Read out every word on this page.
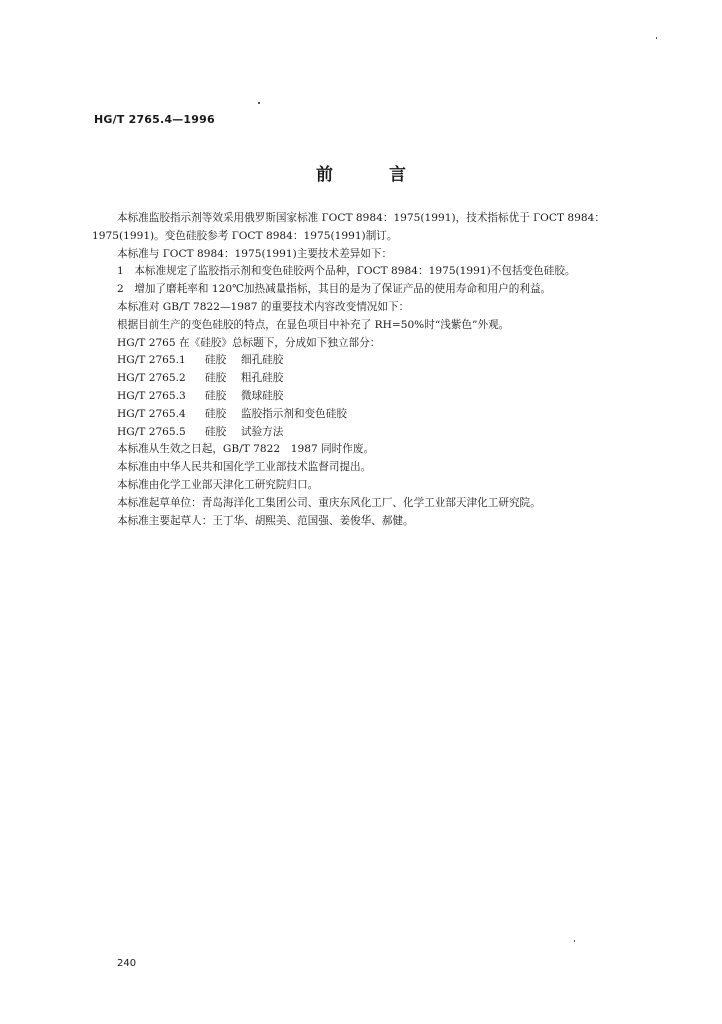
HG/T 2765.4—1996
前	言
本标准监胶指示剂等效采用俄罗斯国家标准 ГОСТ 8984：1975(1991)，技术指标优于 ГОСТ 8984：
1975(1991)。变色硅胶参考 ГОСТ 8984：1975(1991)制订。
本标准与 ГОСТ 8984：1975(1991)主要技术差异如下：
1　本标准规定了监胶指示剂和变色硅胶两个品种，ГОСТ 8984：1975(1991)不包括变色硅胶。
2　增加了磨耗率和 120℃加热减量指标，其目的是为了保证产品的使用寿命和用户的利益。
本标准对 GB/T 7822—1987 的重要技术内容改变情况如下：
根据目前生产的变色硅胶的特点，在显色项目中补充了 RH=50%时“浅紫色”外观。
HG/T 2765 在《硅胶》总标题下，分成如下独立部分：
HG/T 2765.1 硅胶 细孔硅胶
HG/T 2765.2 硅胶 粗孔硅胶
HG/T 2765.3 硅胶 微球硅胶
HG/T 2765.4 硅胶 监胶指示剂和变色硅胶
HG/T 2765.5 硅胶 试验方法
本标准从生效之日起，GB/T 7822　1987 同时作废。
本标准由中华人民共和国化学工业部技术监督司提出。
本标准由化学工业部天津化工研究院归口。
本标准起草单位：青岛海洋化工集团公司、重庆东风化工厂、化学工业部天津化工研究院。
本标准主要起草人：王丁华、胡熙美、范国强、姜俊华、郝健。
240
